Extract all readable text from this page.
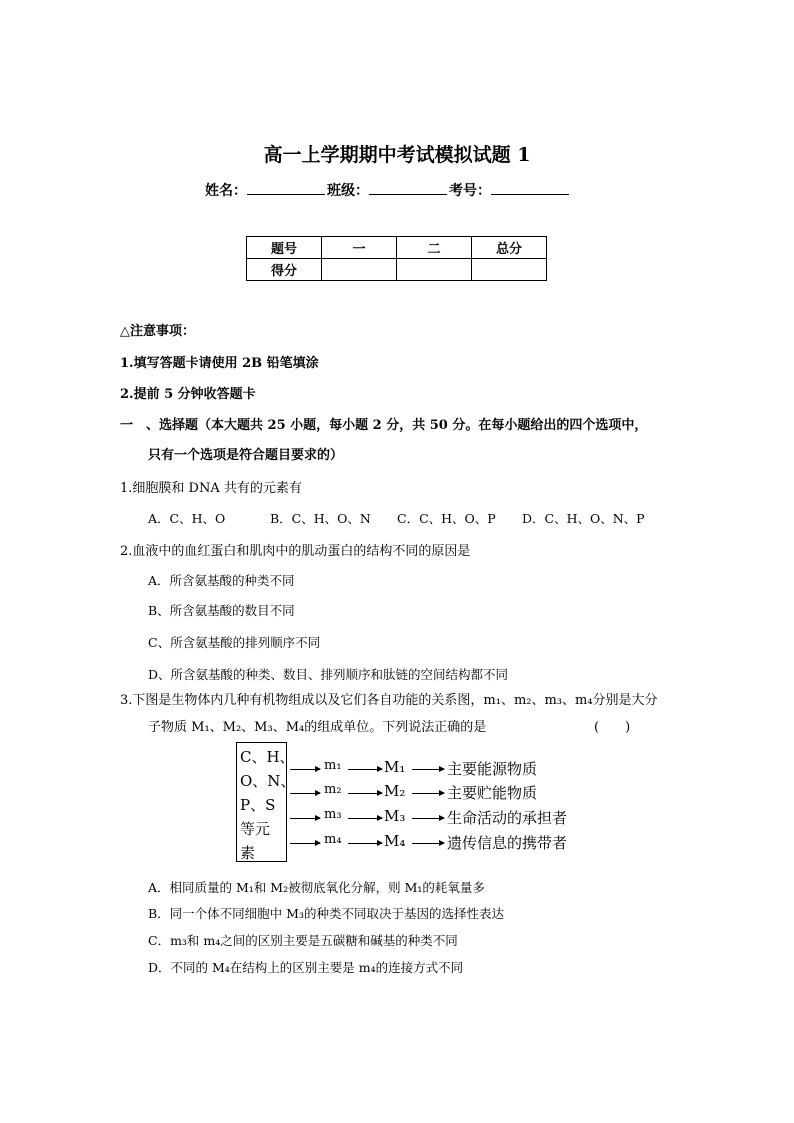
高一上学期期中考试模拟试题 1
姓名：	班级：	考号：
题号	一	二	总分
得分			
△注意事项：
1.填写答题卡请使用 2B 铅笔填涂
2.提前 5 分钟收答题卡
一　、选择题（本大题共 25 小题，每小题 2 分，共 50 分。在每小题给出的四个选项中，
只有一个选项是符合题目要求的）
1.细胞膜和 DNA 共有的元素有
A．C、H、O	B．C、H、O、N C．C、H、O、P D．C、H、O、N、P
2.血液中的血红蛋白和肌肉中的肌动蛋白的结构不同的原因是
A．所含氨基酸的种类不同
B、所含氨基酸的数目不同
C、所含氨基酸的排列顺序不同
D、所含氨基酸的种类、数目、排列顺序和肽链的空间结构都不同
3.下图是生物体内几种有机物组成以及它们各自功能的关系图，m₁、m₂、m₃、m₄分别是大分
子物质 M₁、M₂、M₃、M₄的组成单位。下列说法正确的是	(　　)
C、H、
O、N、
P、S
等元
素
m₁	M₁	主要能源物质
m₂	M₂	主要贮能物质
m₃	M₃	生命活动的承担者
m₄	M₄	遗传信息的携带者
A．相同质量的 M₁和 M₂被彻底氧化分解，则 M₁的耗氧量多
B．同一个体不同细胞中 M₃的种类不同取决于基因的选择性表达
C．m₃和 m₄之间的区别主要是五碳糖和碱基的种类不同
D．不同的 M₄在结构上的区别主要是 m₄的连接方式不同
